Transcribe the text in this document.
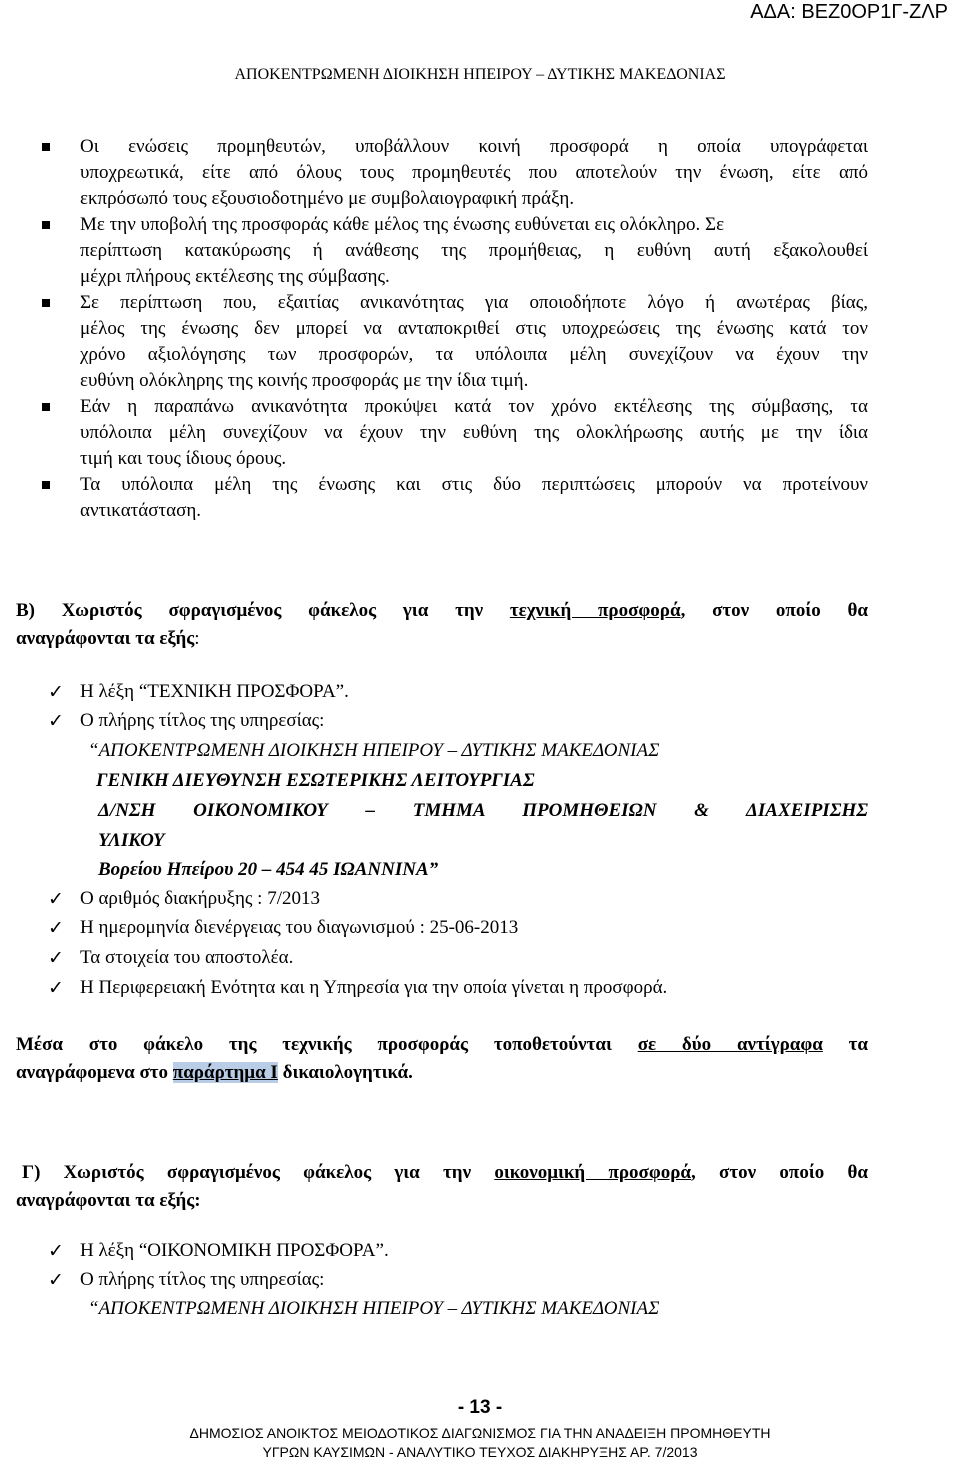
ΑΔΑ: ΒΕΖ0ΟΡ1Γ-ΖΛΡ
ΑΠΟΚΕΝΤΡΩΜΕΝΗ ΔΙΟΙΚΗΣΗ ΗΠΕΙΡΟΥ – ΔΥΤΙΚΗΣ ΜΑΚΕΔΟΝΙΑΣ
Οι ενώσεις προμηθευτών, υποβάλλουν κοινή προσφορά η οποία υπογράφεται
υποχρεωτικά, είτε από όλους τους προμηθευτές που αποτελούν την ένωση, είτε από
εκπρόσωπό τους εξουσιοδοτημένο με συμβολαιογραφική πράξη.
Με την υποβολή της προσφοράς κάθε μέλος της ένωσης ευθύνεται εις ολόκληρο. Σε
περίπτωση κατακύρωσης ή ανάθεσης της προμήθειας, η ευθύνη αυτή εξακολουθεί
μέχρι πλήρους εκτέλεσης της σύμβασης.
Σε περίπτωση που, εξαιτίας ανικανότητας για οποιοδήποτε λόγο ή ανωτέρας βίας,
μέλος της ένωσης δεν μπορεί να ανταποκριθεί στις υποχρεώσεις της ένωσης κατά τον
χρόνο αξιολόγησης των προσφορών, τα υπόλοιπα μέλη συνεχίζουν να έχουν την
ευθύνη ολόκληρης της κοινής προσφοράς με την ίδια τιμή.
Εάν η παραπάνω ανικανότητα προκύψει κατά τον χρόνο εκτέλεσης της σύμβασης, τα
υπόλοιπα μέλη συνεχίζουν να έχουν την ευθύνη της ολοκλήρωσης αυτής με την ίδια
τιμή και τους ίδιους όρους.
Τα υπόλοιπα μέλη της ένωσης και στις δύο περιπτώσεις μπορούν να προτείνουν
αντικατάσταση.
Β) Χωριστός σφραγισμένος φάκελος για την τεχνική προσφορά, στον οποίο θα
αναγράφονται τα εξής:
✓ Η λέξη “ΤΕΧΝΙΚΗ ΠΡΟΣΦΟΡΑ”.
✓ Ο πλήρης τίτλος της υπηρεσίας:
“ΑΠΟΚΕΝΤΡΩΜΕΝΗ ΔΙΟΙΚΗΣΗ ΗΠΕΙΡΟΥ – ΔΥΤΙΚΗΣ ΜΑΚΕΔΟΝΙΑΣ
ΓΕΝΙΚΗ ΔΙΕΥΘΥΝΣΗ ΕΣΩΤΕΡΙΚΗΣ ΛΕΙΤΟΥΡΓΙΑΣ
Δ/ΝΣΗ ΟΙΚΟΝΟΜΙΚΟΥ – ΤΜΗΜΑ ΠΡΟΜΗΘΕΙΩΝ & ΔΙΑΧΕΙΡΙΣΗΣ
ΥΛΙΚΟΥ
Βορείου Ηπείρου 20 – 454 45 ΙΩΑΝΝΙΝΑ”
✓ Ο αριθμός διακήρυξης : 7/2013
✓ Η ημερομηνία διενέργειας του διαγωνισμού : 25-06-2013
✓ Τα στοιχεία του αποστολέα.
✓ Η Περιφερειακή Ενότητα και η Υπηρεσία για την οποία γίνεται η προσφορά.
Μέσα στο φάκελο της τεχνικής προσφοράς τοποθετούνται σε δύο αντίγραφα τα
αναγράφομενα στο παράρτημα Ι δικαιολογητικά.
Γ) Χωριστός σφραγισμένος φάκελος για την οικονομική προσφορά, στον οποίο θα
αναγράφονται τα εξής:
✓ Η λέξη “ΟΙΚΟΝΟΜΙΚΗ ΠΡΟΣΦΟΡΑ”.
✓ Ο πλήρης τίτλος της υπηρεσίας:
“ΑΠΟΚΕΝΤΡΩΜΕΝΗ ΔΙΟΙΚΗΣΗ ΗΠΕΙΡΟΥ – ΔΥΤΙΚΗΣ ΜΑΚΕΔΟΝΙΑΣ
- 13 -
ΔΗΜΟΣΙΟΣ ΑΝΟΙΚΤΟΣ ΜΕΙΟΔΟΤΙΚΟΣ ΔΙΑΓΩΝΙΣΜΟΣ ΓΙΑ ΤΗΝ ΑΝΑΔΕΙΞΗ ΠΡΟΜΗΘΕΥΤΗ
ΥΓΡΩΝ ΚΑΥΣΙΜΩΝ - ΑΝΑΛΥΤΙΚΟ ΤΕΥΧΟΣ ΔΙΑΚΗΡΥΞΗΣ ΑΡ. 7/2013
